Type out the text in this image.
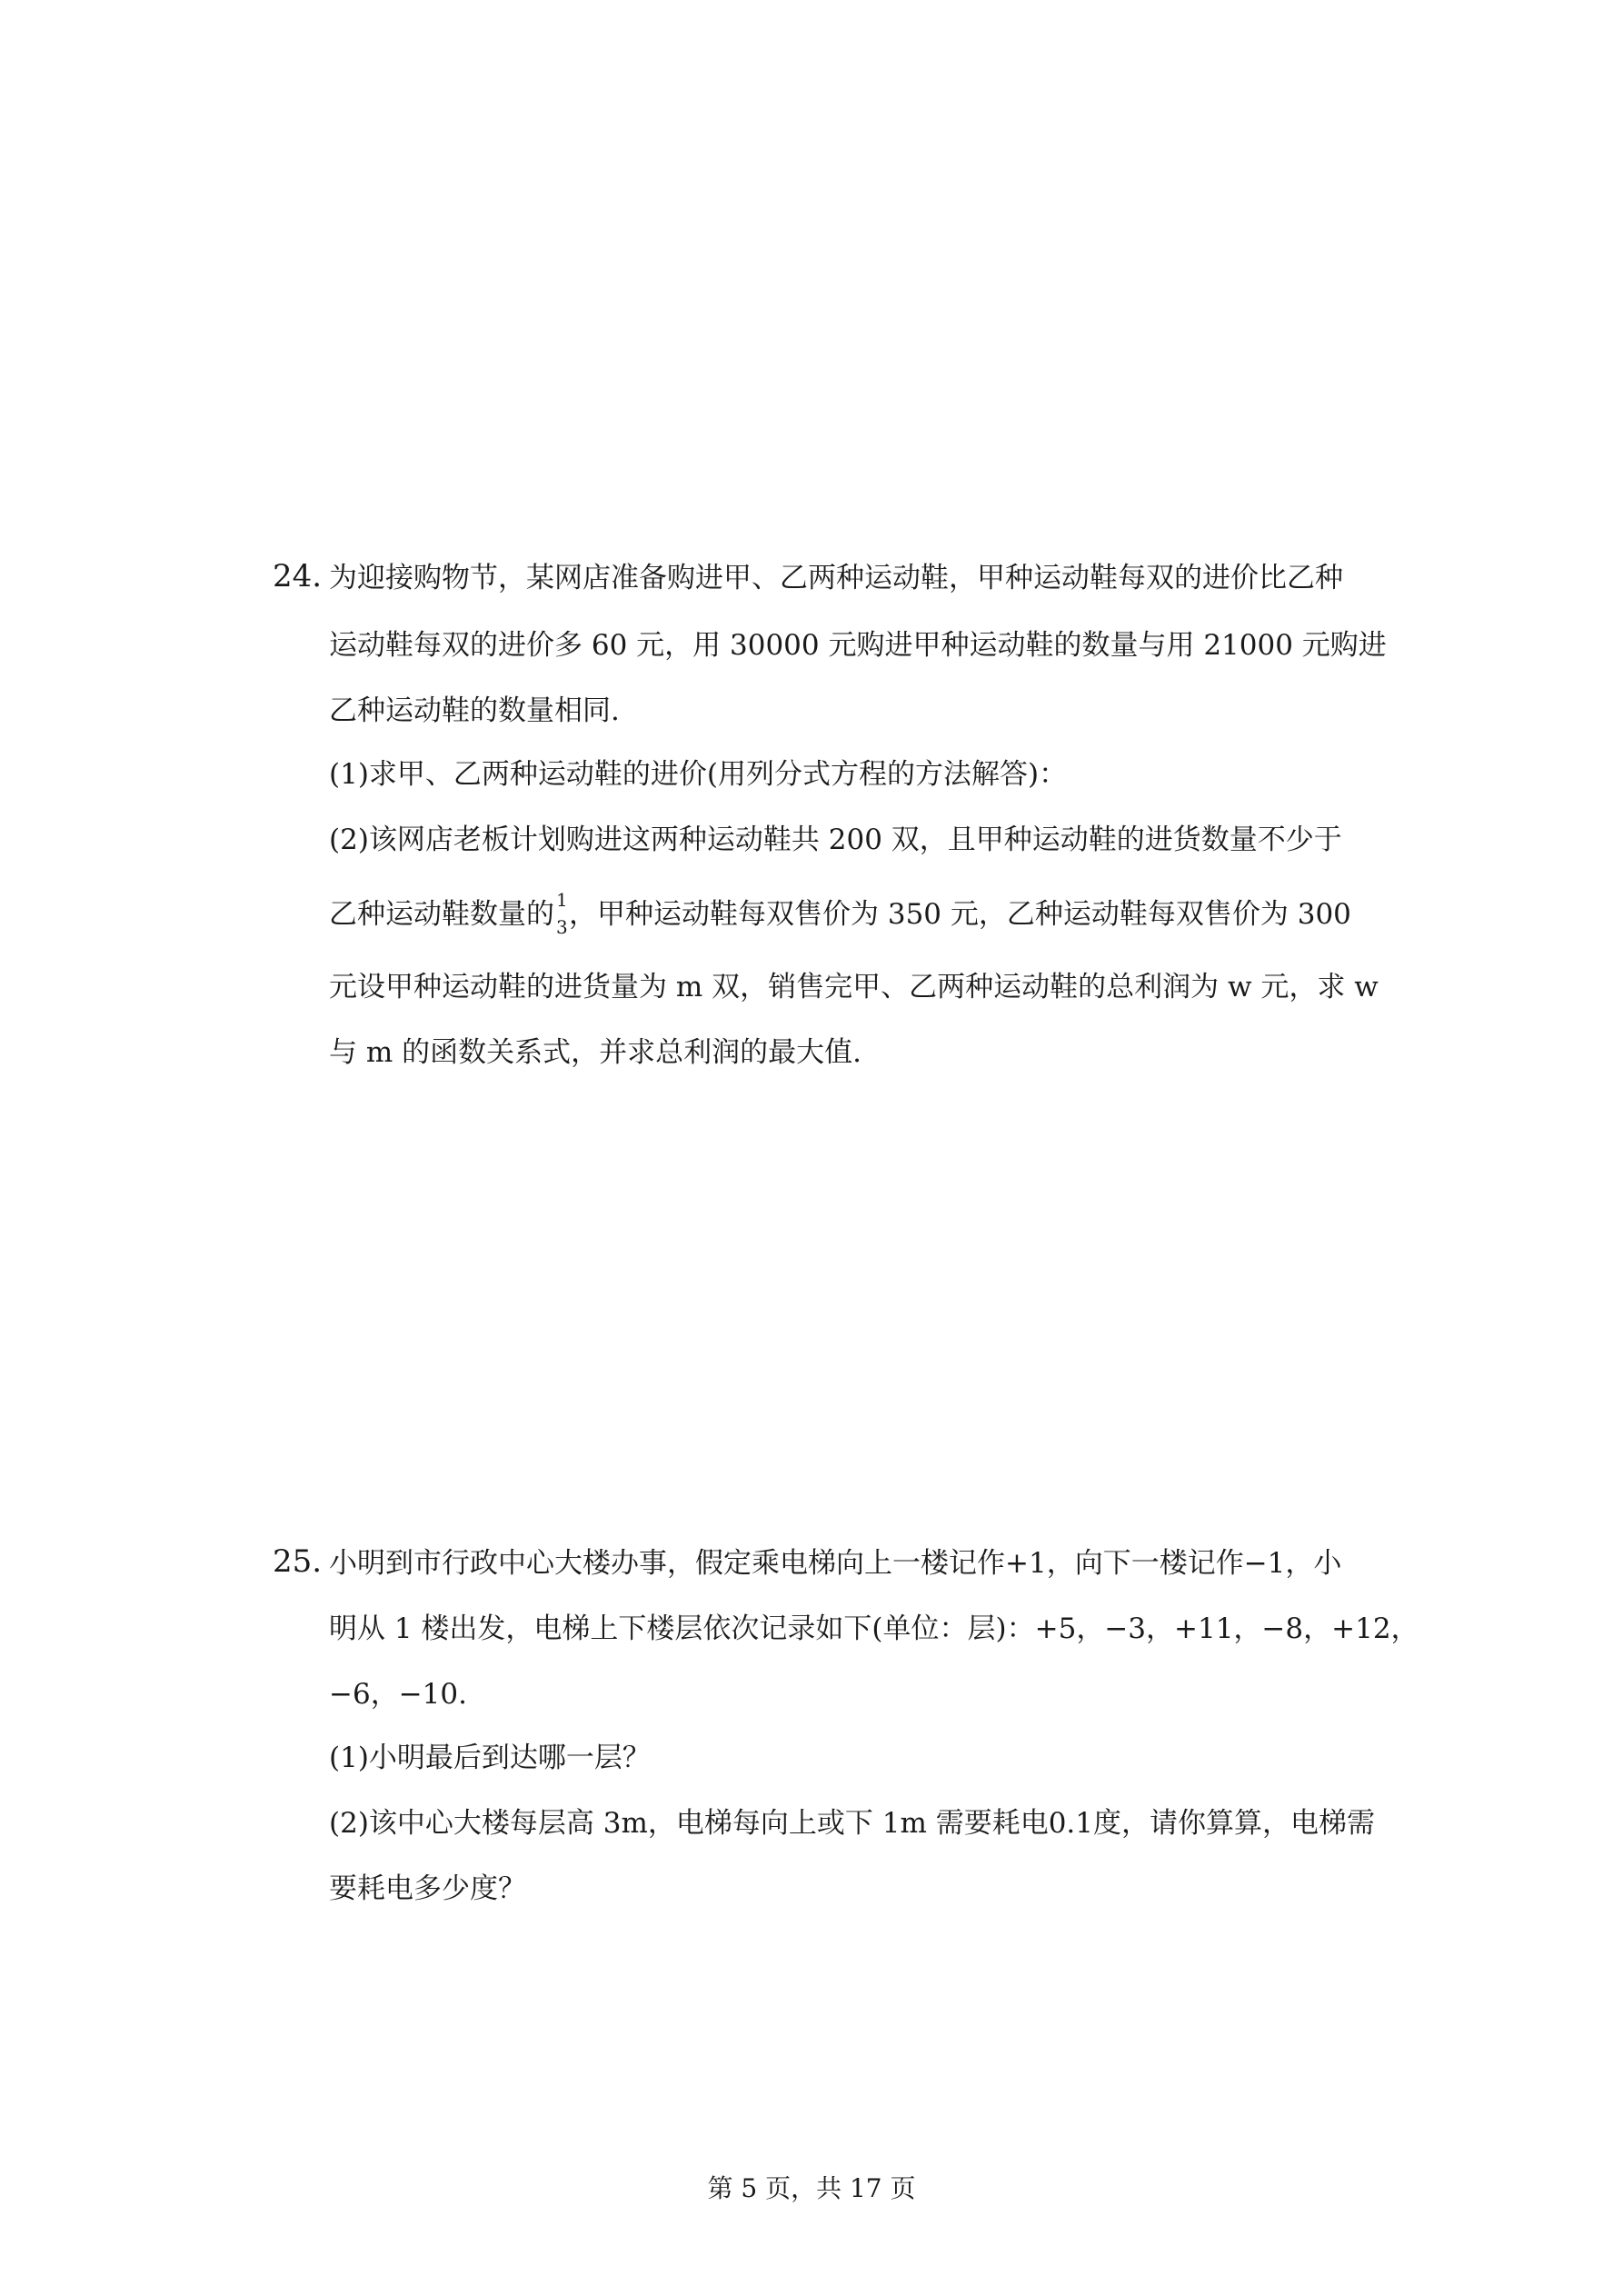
24. 为迎接购物节，某网店准备购进甲、乙两种运动鞋，甲种运动鞋每双的进价比乙种
运动鞋每双的进价多 60 元，用 30000 元购进甲种运动鞋的数量与用 21000 元购进
乙种运动鞋的数量相同.
(1)求甲、乙两种运动鞋的进价(用列分式方程的方法解答)：
(2)该网店老板计划购进这两种运动鞋共 200 双，且甲种运动鞋的进货数量不少于
乙种运动鞋数量的 1
3 ，甲种运动鞋每双售价为 350 元，乙种运动鞋每双售价为 300
元设甲种运动鞋的进货量为 m 双，销售完甲、乙两种运动鞋的总利润为 w 元，求 w
与 m 的函数关系式，并求总利润的最大值.
25. 小明到市行政中心大楼办事，假定乘电梯向上一楼记作+1，向下一楼记作−1，小
明从 1 楼出发，电梯上下楼层依次记录如下(单位：层)：+5，−3，+11，−8，+12，
−6，−10.
(1)小明最后到达哪一层？
(2)该中心大楼每层高 3m，电梯每向上或下 1m 需要耗电0.1度，请你算算，电梯需
要耗电多少度？
第 5 页，共 17 页
